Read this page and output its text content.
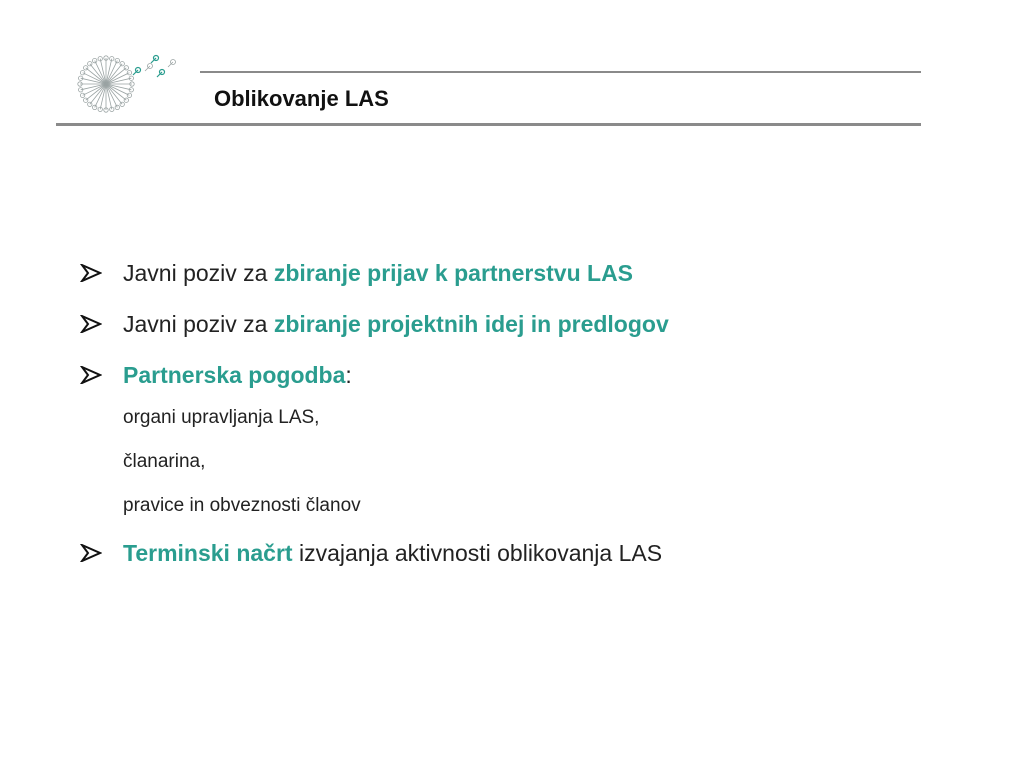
Oblikovanje LAS
Javni poziv za zbiranje prijav k partnerstvu LAS
Javni poziv za zbiranje projektnih idej in predlogov
Partnerska pogodba:
organi upravljanja LAS,
članarina,
pravice in obveznosti članov
Terminski načrt izvajanja aktivnosti oblikovanja LAS
